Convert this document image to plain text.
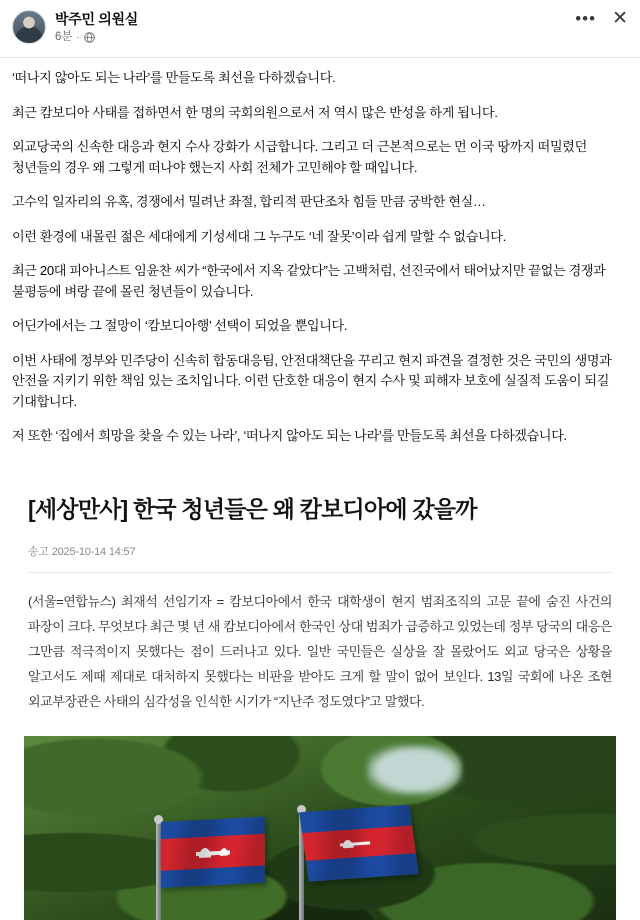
박주민 의원실
6분 ·
••• ✕

‘떠나지 않아도 되는 나라’를 만들도록 최선을 다하겠습니다.

최근 캄보디아 사태를 접하면서 한 명의 국회의원으로서 저 역시 많은 반성을 하게 됩니다.

외교당국의 신속한 대응과 현지 수사 강화가 시급합니다. 그리고 더 근본적으로는 먼 이국 땅까지 떠밀렸던 청년들의 경우 왜 그렇게 떠나야 했는지 사회 전체가 고민해야 할 때입니다.

고수익 일자리의 유혹, 경쟁에서 밀려난 좌절, 합리적 판단조차 힘들 만큼 궁박한 현실…

이런 환경에 내몰린 젊은 세대에게 기성세대 그 누구도 ‘네 잘못’이라 쉽게 말할 수 없습니다.

최근 20대 피아니스트 임윤찬 씨가 “한국에서 지옥 같았다”는 고백처럼, 선진국에서 태어났지만 끝없는 경쟁과 불평등에 벼랑 끝에 몰린 청년들이 있습니다.

어딘가에서는 그 절망이 ‘캄보디아행’ 선택이 되었을 뿐입니다.

이번 사태에 정부와 민주당이 신속히 합동대응팀, 안전대책단을 꾸리고 현지 파견을 결정한 것은 국민의 생명과 안전을 지키기 위한 책임 있는 조치입니다. 이런 단호한 대응이 현지 수사 및 피해자 보호에 실질적 도움이 되길 기대합니다.

저 또한 ‘집에서 희망을 찾을 수 있는 나라’, ‘떠나지 않아도 되는 나라’를 만들도록 최선을 다하겠습니다.

[세상만사] 한국 청년들은 왜 캄보디아에 갔을까
송고 2025-10-14 14:57
(서울=연합뉴스) 최재석 선임기자 = 캄보디아에서 한국 대학생이 현지 범죄조직의 고문 끝에 숨진 사건의 파장이 크다. 무엇보다 최근 몇 년 새 캄보디아에서 한국인 상대 범죄가 급증하고 있었는데 정부 당국의 대응은 그만큼 적극적이지 못했다는 점이 드러나고 있다. 일반 국민들은 실상을 잘 몰랐어도 외교 당국은 상황을 알고서도 제때 제대로 대처하지 못했다는 비판을 받아도 크게 할 말이 없어 보인다. 13일 국회에 나온 조현 외교부장관은 사태의 심각성을 인식한 시기가 “지난주 정도였다”고 말했다.
